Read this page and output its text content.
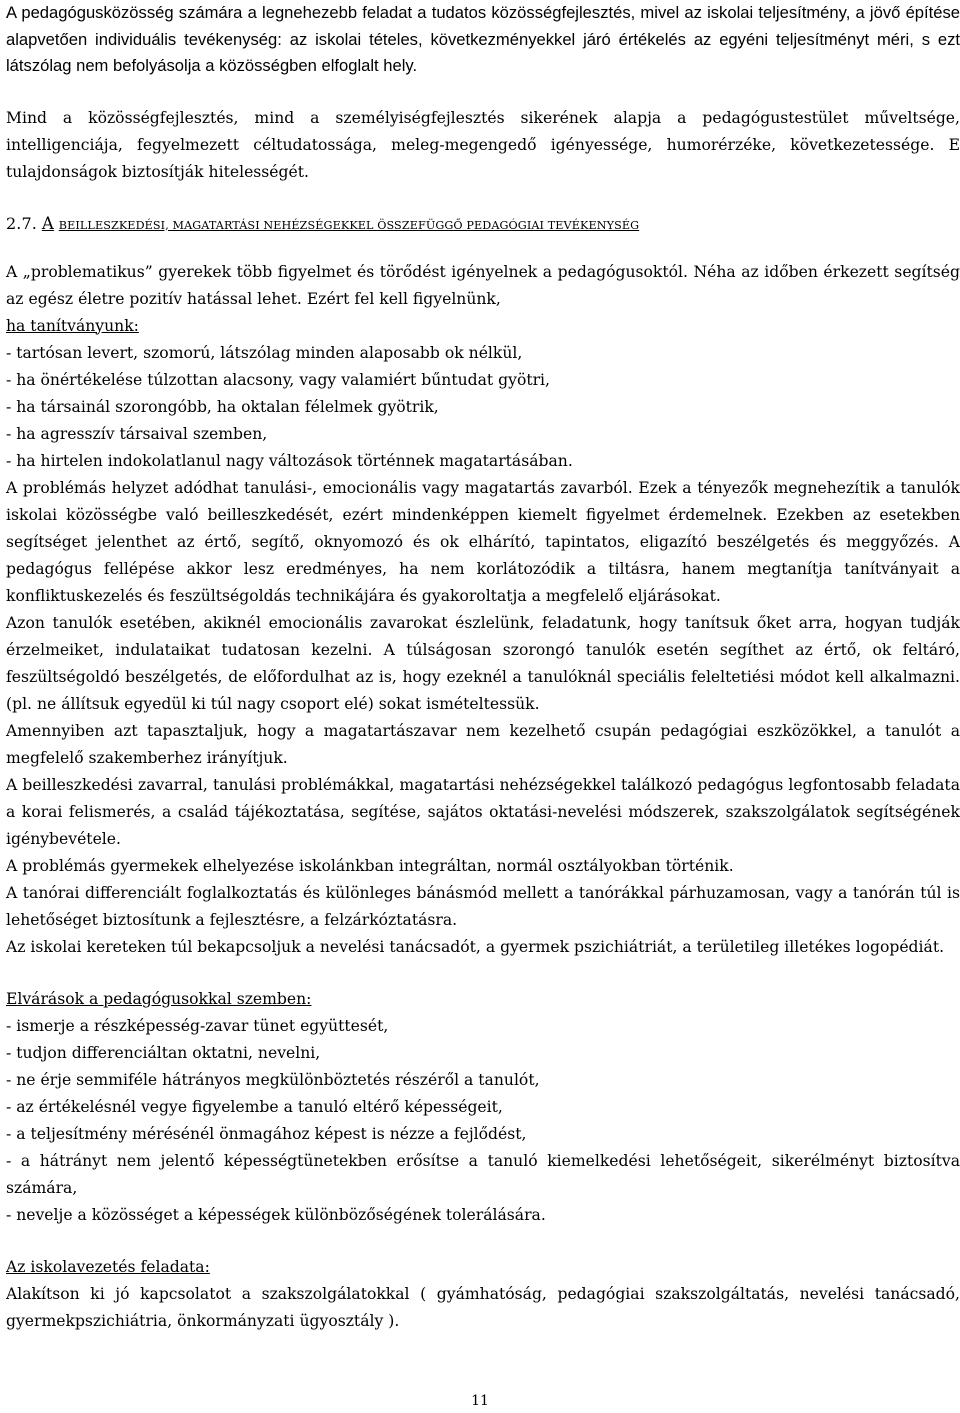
A pedagógusközösség számára a legnehezebb feladat a tudatos közösségfejlesztés, mivel az iskolai teljesítmény, a jövő építése alapvetően individuális tevékenység: az iskolai tételes, következményekkel járó értékelés az egyéni teljesítményt méri, s ezt látszólag nem befolyásolja a közösségben elfoglalt hely.

Mind a közösségfejlesztés, mind a személyiségfejlesztés sikerének alapja a pedagógustestület műveltsége, intelligenciája, fegyelmezett céltudatossága, meleg-megengedő igényessége, humorérzéke, következetessége. E tulajdonságok biztosítják hitelességét.

2.7. A BEILLESZKEDÉSI, MAGATARTÁSI NEHÉZSÉGEKKEL ÖSSZEFÜGGŐ PEDAGÓGIAI TEVÉKENYSÉG

A „problematikus” gyerekek több figyelmet és törődést igényelnek a pedagógusoktól. Néha az időben érkezett segítség az egész életre pozitív hatással lehet. Ezért fel kell figyelnünk,

ha tanítványunk:

- tartósan levert, szomorú, látszólag minden alaposabb ok nélkül,

- ha önértékelése túlzottan alacsony, vagy valamiért bűntudat gyötri,

- ha társainál szorongóbb, ha oktalan félelmek gyötrik,

- ha agresszív társaival szemben,

- ha hirtelen indokolatlanul nagy változások történnek magatartásában.

A problémás helyzet adódhat tanulási-, emocionális vagy magatartás zavarból. Ezek a tényezők megnehezítik a tanulók iskolai közösségbe való beilleszkedését, ezért mindenképpen kiemelt figyelmet érdemelnek. Ezekben az esetekben segítséget jelenthet az értő, segítő, oknyomozó és ok elhárító, tapintatos, eligazító beszélgetés és meggyőzés. A pedagógus fellépése akkor lesz eredményes, ha nem korlátozódik a tiltásra, hanem megtanítja tanítványait a konfliktuskezelés és feszültségoldás technikájára és gyakoroltatja a megfelelő eljárásokat.

Azon tanulók esetében, akiknél emocionális zavarokat észlelünk, feladatunk, hogy tanítsuk őket arra, hogyan tudják érzelmeiket, indulataikat tudatosan kezelni. A túlságosan szorongó tanulók esetén segíthet az értő, ok feltáró, feszültségoldó beszélgetés, de előfordulhat az is, hogy ezeknél a tanulóknál speciális feleltetiési módot kell alkalmazni. (pl. ne állítsuk egyedül ki túl nagy csoport elé) sokat ismételtessük.

Amennyiben azt tapasztaljuk, hogy a magatartászavar nem kezelhető csupán pedagógiai eszközökkel, a tanulót a megfelelő szakemberhez irányítjuk.

A beilleszkedési zavarral, tanulási problémákkal, magatartási nehézségekkel találkozó pedagógus legfontosabb feladata a korai felismerés, a család tájékoztatása, segítése, sajátos oktatási-nevelési módszerek, szakszolgálatok segítségének igénybevétele.

A problémás gyermekek elhelyezése iskolánkban integráltan, normál osztályokban történik.

A tanórai differenciált foglalkoztatás és különleges bánásmód mellett a tanórákkal párhuzamosan, vagy a tanórán túl is lehetőséget biztosítunk a fejlesztésre, a felzárkóztatásra.

Az iskolai kereteken túl bekapcsoljuk a nevelési tanácsadót, a gyermek pszichiátriát, a területileg illetékes logopédiát.

Elvárások a pedagógusokkal szemben:

- ismerje a részképesség-zavar tünet együttesét,

- tudjon differenciáltan oktatni, nevelni,

- ne érje semmiféle hátrányos megkülönböztetés részéről a tanulót,

- az értékelésnél vegye figyelembe a tanuló eltérő képességeit,

- a teljesítmény mérésénél önmagához képest is nézze a fejlődést,

- a hátrányt nem jelentő képességtünetekben erősítse a tanuló kiemelkedési lehetőségeit, sikerélményt biztosítva számára,

- nevelje a közösséget a képességek különbözőségének tolerálására.

Az iskolavezetés feladata:

Alakítson ki jó kapcsolatot a szakszolgálatokkal ( gyámhatóság, pedagógiai szakszolgáltatás, nevelési tanácsadó, gyermekpszichiátria, önkormányzati ügyosztály ).

11
